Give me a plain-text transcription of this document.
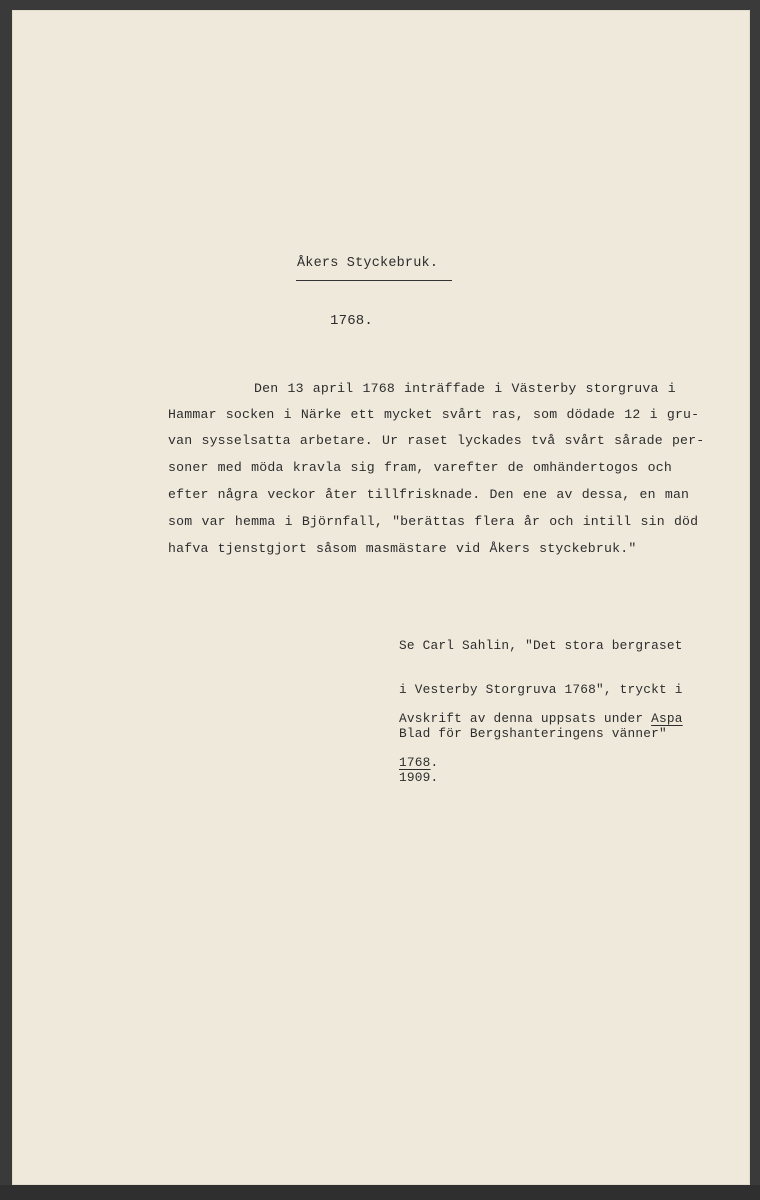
Åkers Styckebruk.
1768.
Den 13 april 1768 inträffade i Västerby storgruva i
Hammar socken i Närke ett mycket svårt ras, som dödade 12 i gru-
van sysselsatta arbetare. Ur raset lyckades två svårt sårade per-
soner med möda kravla sig fram, varefter de omhändertogos och
efter några veckor åter tillfrisknade. Den ene av dessa, en man
som var hemma i Björnfall, "berättas flera år och intill sin död
hafva tjenstgjort såsom masmästare vid Åkers styckebruk."

Se Carl Sahlin, "Det stora bergraset

i Vesterby Storgruva 1768", tryckt i

Blad för Bergshanteringens vänner"

1909.

Avskrift av denna uppsats under Aspa

1768.
